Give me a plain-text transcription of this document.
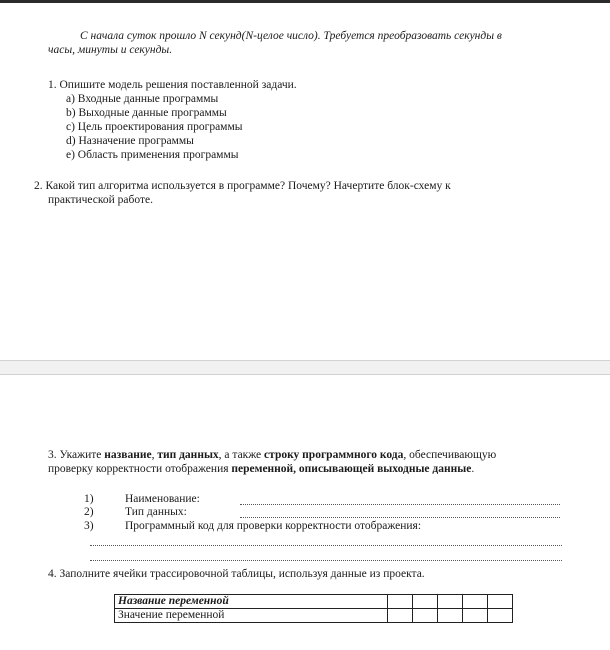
С начала суток прошло N секунд(N-целое число). Требуется преобразовать секунды в
часы, минуты и секунды.
1. Опишите модель решения поставленной задачи.
a) Входные данные программы
b) Выходные данные программы
c) Цель проектирования программы
d) Назначение программы
e) Область применения программы
2. Какой тип алгоритма используется в программе? Почему? Начертите блок-схему к
практической работе.
3. Укажите название, тип данных, а также строку программного кода, обеспечивающую
проверку корректности отображения переменной, описывающей выходные данные.
1)	Наименование:
2)	Тип данных:
3)	Программный код для проверки корректности отображения:
4. Заполните ячейки трассировочной таблицы, используя данные из проекта.
Название переменной					
Значение переменной					
